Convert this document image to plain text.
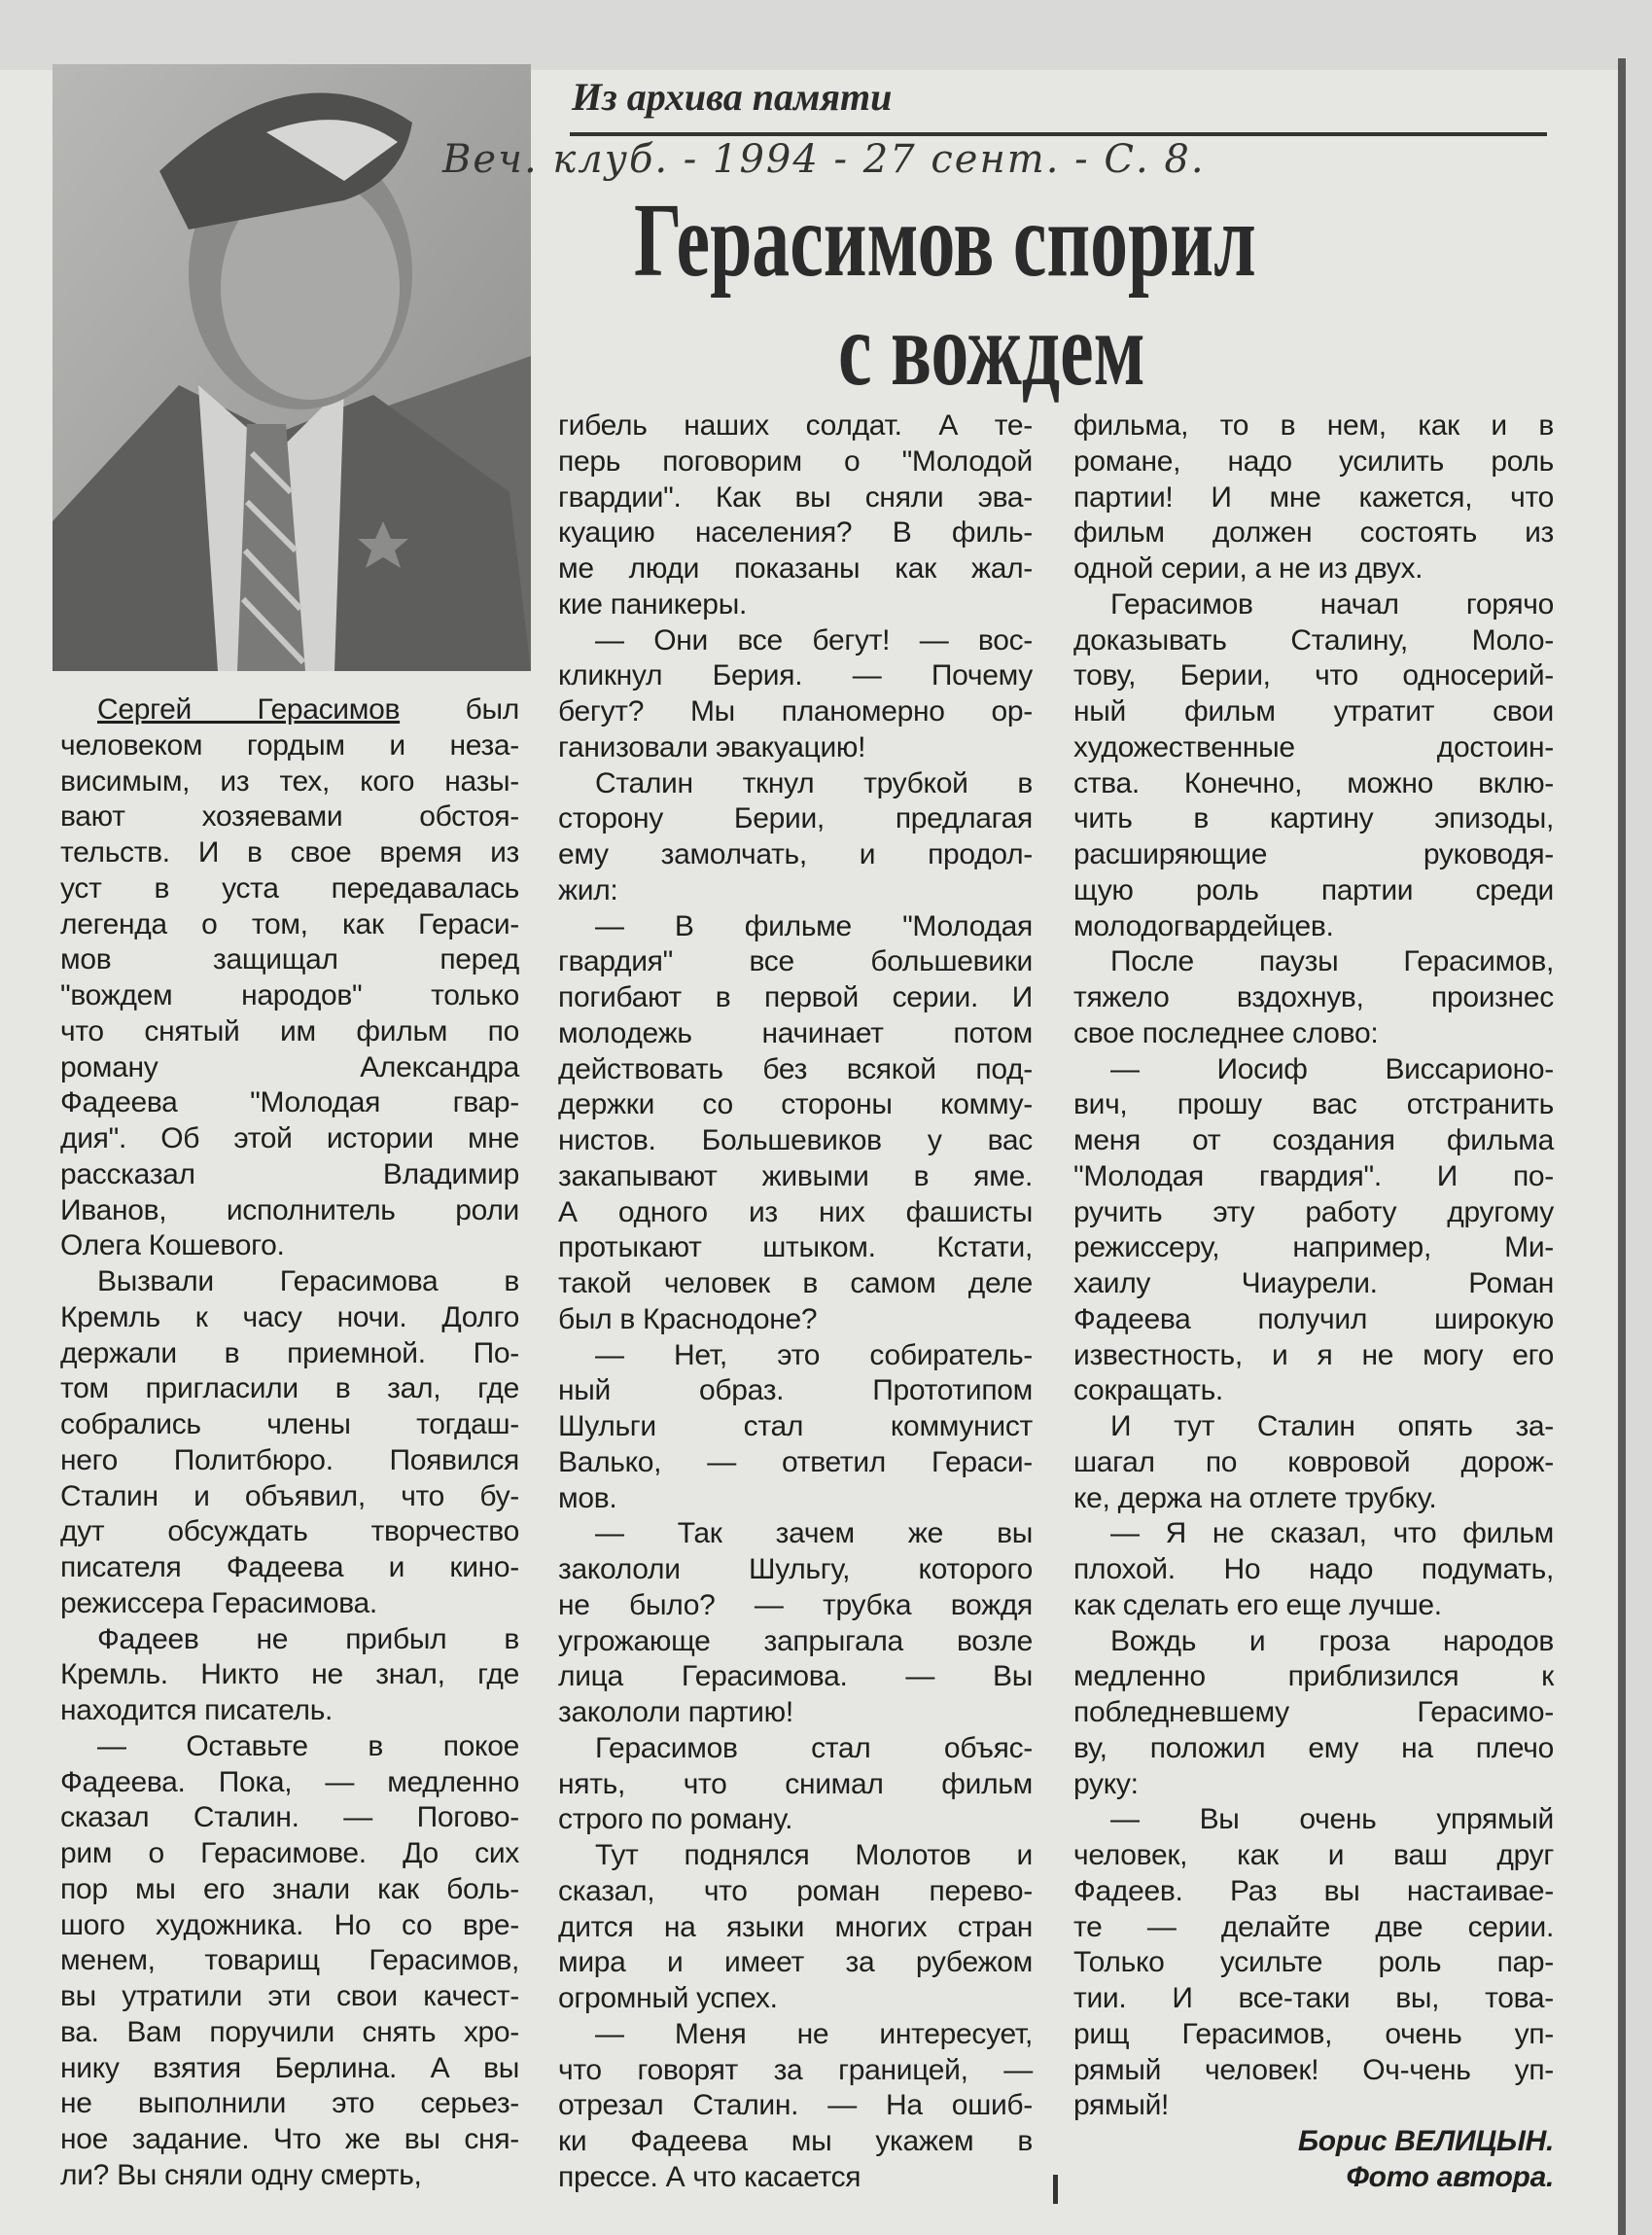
Из архива памяти
Веч. клуб. - 1994 - 27 сент. - С. 8.
Герасимов спорил
с вождем
Сергей Герасимов был
человеком гордым и неза-
висимым, из тех, кого назы-
вают хозяевами обстоя-
тельств. И в свое время из
уст в уста передавалась
легенда о том, как Гераси-
мов защищал перед
"вождем народов" только
что снятый им фильм по
роману Александра
Фадеева "Молодая гвар-
дия". Об этой истории мне
рассказал Владимир
Иванов, исполнитель роли
Олега Кошевого.
Вызвали Герасимова в
Кремль к часу ночи. Долго
держали в приемной. По-
том пригласили в зал, где
собрались члены тогдаш-
него Политбюро. Появился
Сталин и объявил, что бу-
дут обсуждать творчество
писателя Фадеева и кино-
режиссера Герасимова.
Фадеев не прибыл в
Кремль. Никто не знал, где
находится писатель.
— Оставьте в покое
Фадеева. Пока, — медленно
сказал Сталин. — Погово-
рим о Герасимове. До сих
пор мы его знали как боль-
шого художника. Но со вре-
менем, товарищ Герасимов,
вы утратили эти свои качест-
ва. Вам поручили снять хро-
нику взятия Берлина. А вы
не выполнили это серьез-
ное задание. Что же вы сня-
ли? Вы сняли одну смерть,
гибель наших солдат. А те-
перь поговорим о "Молодой
гвардии". Как вы сняли эва-
куацию населения? В филь-
ме люди показаны как жал-
кие паникеры.
— Они все бегут! — вос-
кликнул Берия. — Почему
бегут? Мы планомерно ор-
ганизовали эвакуацию!
Сталин ткнул трубкой в
сторону Берии, предлагая
ему замолчать, и продол-
жил:
— В фильме "Молодая
гвардия" все большевики
погибают в первой серии. И
молодежь начинает потом
действовать без всякой под-
держки со стороны комму-
нистов. Большевиков у вас
закапывают живыми в яме.
А одного из них фашисты
протыкают штыком. Кстати,
такой человек в самом деле
был в Краснодоне?
— Нет, это собиратель-
ный образ. Прототипом
Шульги стал коммунист
Валько, — ответил Гераси-
мов.
— Так зачем же вы
закололи Шульгу, которого
не было? — трубка вождя
угрожающе запрыгала возле
лица Герасимова. — Вы
закололи партию!
Герасимов стал объяс-
нять, что снимал фильм
строго по роману.
Тут поднялся Молотов и
сказал, что роман перево-
дится на языки многих стран
мира и имеет за рубежом
огромный успех.
— Меня не интересует,
что говорят за границей, —
отрезал Сталин. — На ошиб-
ки Фадеева мы укажем в
прессе. А что касается
фильма, то в нем, как и в
романе, надо усилить роль
партии! И мне кажется, что
фильм должен состоять из
одной серии, а не из двух.
Герасимов начал горячо
доказывать Сталину, Моло-
тову, Берии, что односерий-
ный фильм утратит свои
художественные достоин-
ства. Конечно, можно вклю-
чить в картину эпизоды,
расширяющие руководя-
щую роль партии среди
молодогвардейцев.
После паузы Герасимов,
тяжело вздохнув, произнес
свое последнее слово:
— Иосиф Виссарионо-
вич, прошу вас отстранить
меня от создания фильма
"Молодая гвардия". И по-
ручить эту работу другому
режиссеру, например, Ми-
хаилу Чиаурели. Роман
Фадеева получил широкую
известность, и я не могу его
сокращать.
И тут Сталин опять за-
шагал по ковровой дорож-
ке, держа на отлете трубку.
— Я не сказал, что фильм
плохой. Но надо подумать,
как сделать его еще лучше.
Вождь и гроза народов
медленно приблизился к
побледневшему Герасимо-
ву, положил ему на плечо
руку:
— Вы очень упрямый
человек, как и ваш друг
Фадеев. Раз вы настаивае-
те — делайте две серии.
Только усильте роль пар-
тии. И все-таки вы, това-
рищ Герасимов, очень уп-
рямый человек! Оч-чень уп-
рямый!
Борис ВЕЛИЦЫН.
Фото автора.
